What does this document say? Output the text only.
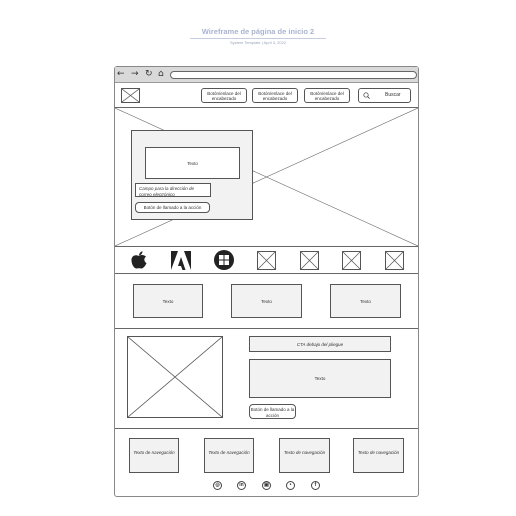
Wireframe de página de inicio 2
System Template | April 3, 2022
← → ↻ ⌂
Botón/enlace del encabezado
Botón/enlace del encabezado
Botón/enlace del encabezado
Buscar
Texto
Campo para la dirección de correo electrónico
Botón de llamado a la acción
Texto	Texto	Texto
CTA debajo del pliegue
Texto
Botón de llamado a la acción
Texto de navegación	Texto de navegación	Texto de navegación	Texto de navegación
◎	in	▣	•	f
